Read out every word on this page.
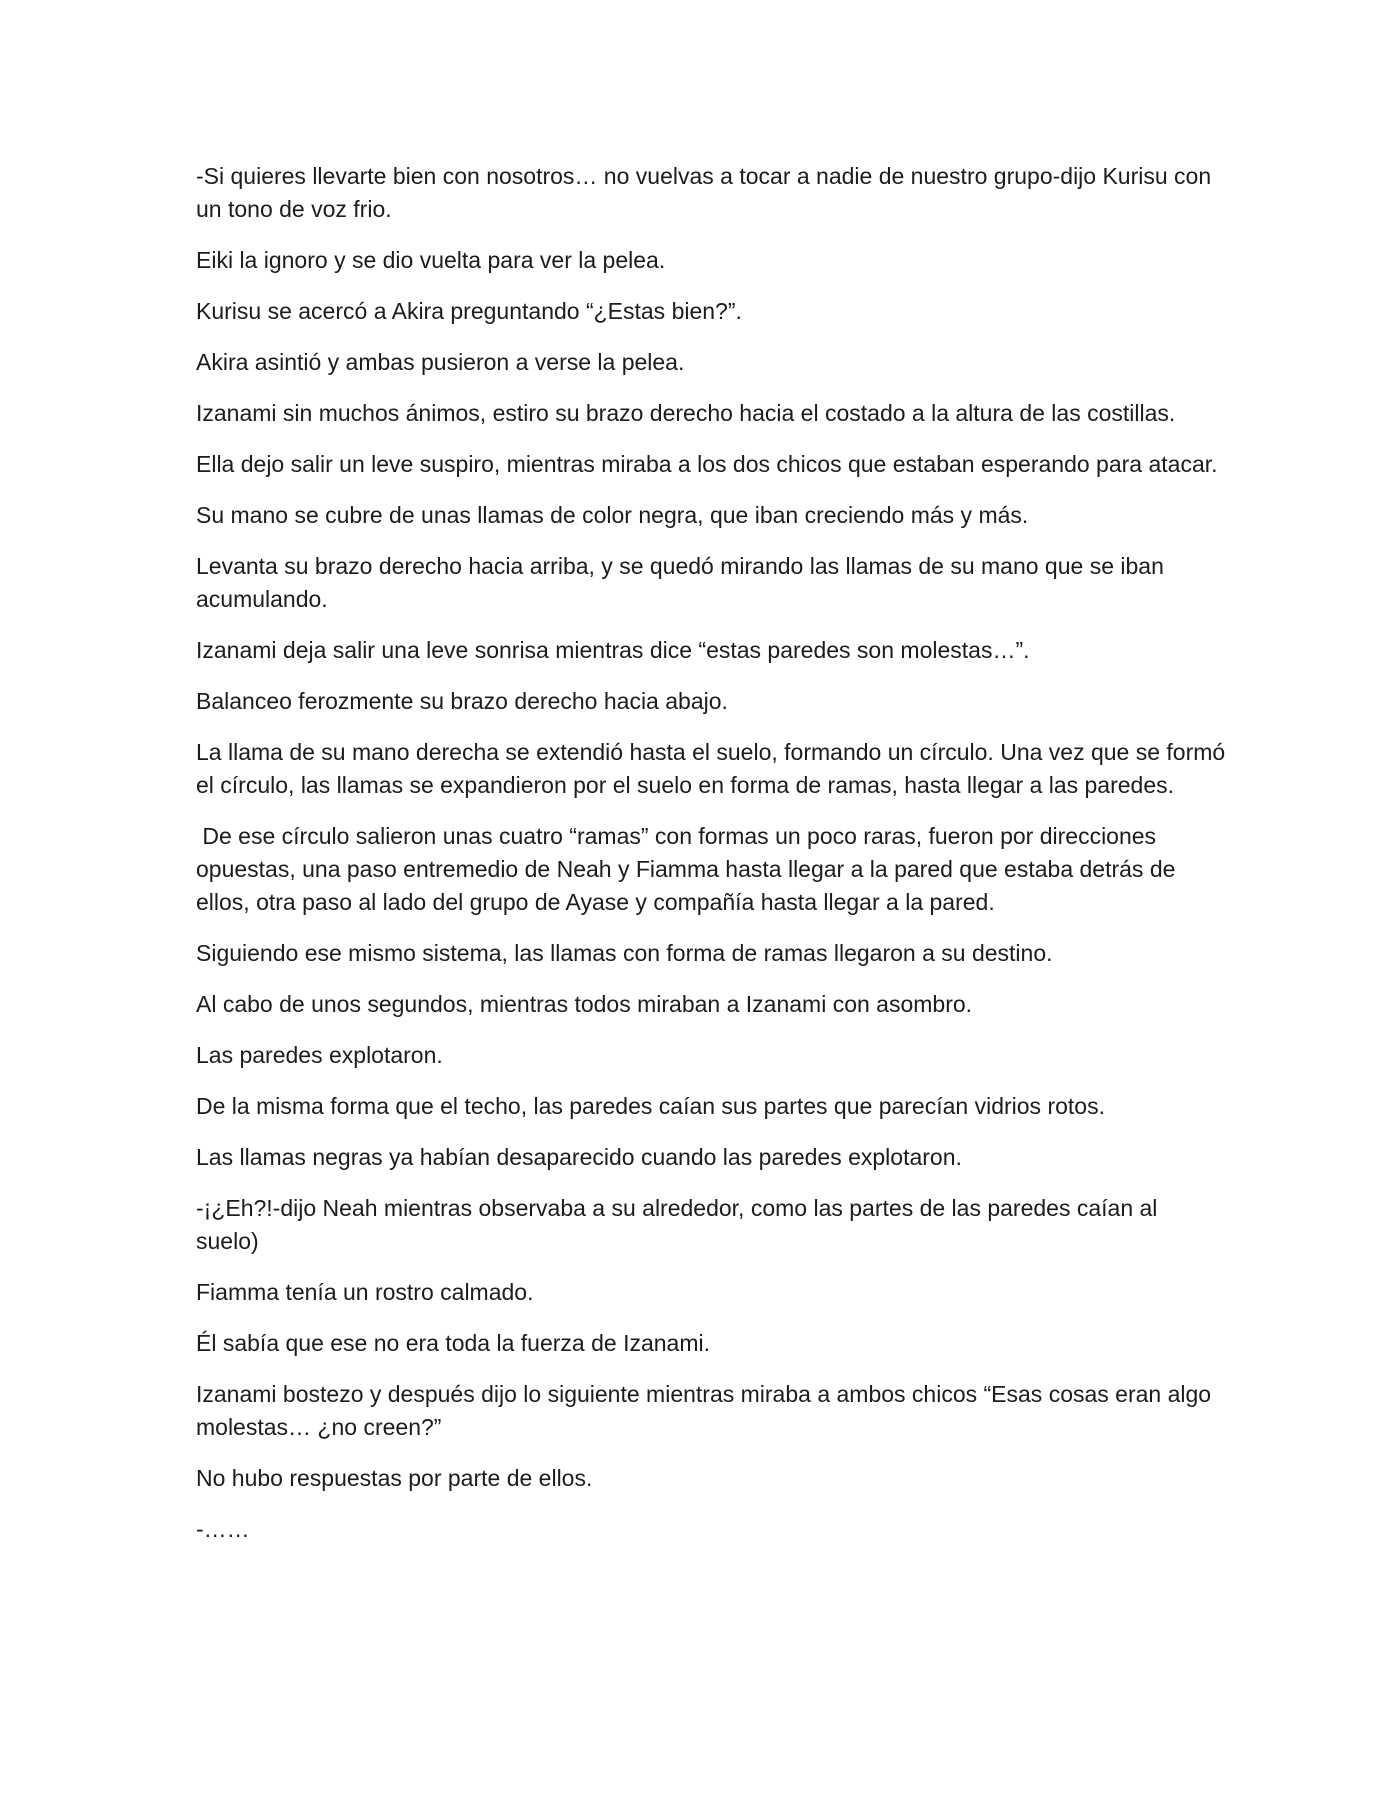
-Si quieres llevarte bien con nosotros… no vuelvas a tocar a nadie de nuestro grupo-dijo Kurisu con un tono de voz frio.

Eiki la ignoro y se dio vuelta para ver la pelea.

Kurisu se acercó a Akira preguntando “¿Estas bien?”.

Akira asintió y ambas pusieron a verse la pelea.

Izanami sin muchos ánimos, estiro su brazo derecho hacia el costado a la altura de las costillas.

Ella dejo salir un leve suspiro, mientras miraba a los dos chicos que estaban esperando para atacar.

Su mano se cubre de unas llamas de color negra, que iban creciendo más y más.

Levanta su brazo derecho hacia arriba, y se quedó mirando las llamas de su mano que se iban acumulando.

Izanami deja salir una leve sonrisa mientras dice “estas paredes son molestas…”.

Balanceo ferozmente su brazo derecho hacia abajo.

La llama de su mano derecha se extendió hasta el suelo, formando un círculo. Una vez que se formó el círculo, las llamas se expandieron por el suelo en forma de ramas, hasta llegar a las paredes.

De ese círculo salieron unas cuatro “ramas” con formas un poco raras, fueron por direcciones opuestas, una paso entremedio de Neah y Fiamma hasta llegar a la pared que estaba detrás de ellos, otra paso al lado del grupo de Ayase y compañía hasta llegar a la pared.

Siguiendo ese mismo sistema, las llamas con forma de ramas llegaron a su destino.

Al cabo de unos segundos, mientras todos miraban a Izanami con asombro.

Las paredes explotaron.

De la misma forma que el techo, las paredes caían sus partes que parecían vidrios rotos.

Las llamas negras ya habían desaparecido cuando las paredes explotaron.

-¡¿Eh?!-dijo Neah mientras observaba a su alrededor, como las partes de las paredes caían al suelo)

Fiamma tenía un rostro calmado.

Él sabía que ese no era toda la fuerza de Izanami.

Izanami bostezo y después dijo lo siguiente mientras miraba a ambos chicos “Esas cosas eran algo molestas… ¿no creen?”

No hubo respuestas por parte de ellos.

-……
